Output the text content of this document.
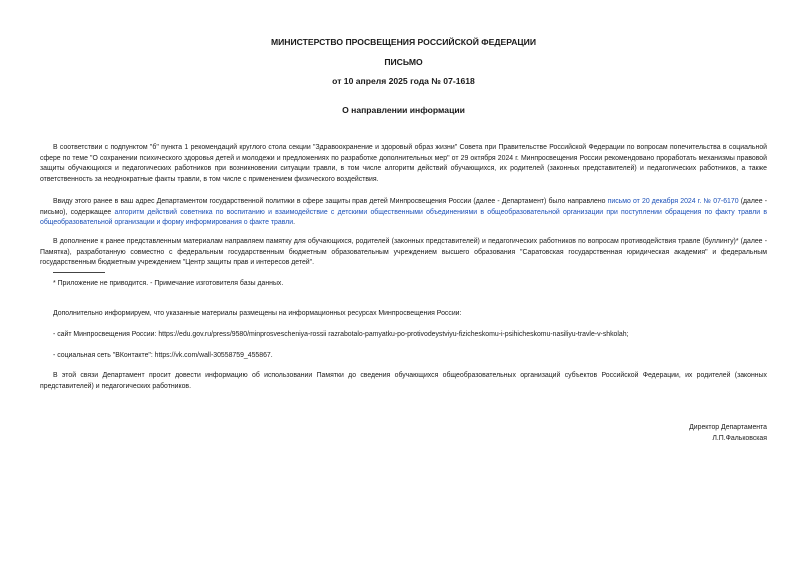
МИНИСТЕРСТВО ПРОСВЕЩЕНИЯ РОССИЙСКОЙ ФЕДЕРАЦИИ
ПИСЬМО
от 10 апреля 2025 года № 07-1618
О направлении информации

В соответствии с подпунктом "б" пункта 1 рекомендаций круглого стола секции "Здравоохранение и здоровый образ жизни" Совета при Правительстве Российской Федерации по вопросам попечительства в социальной сфере по теме "О сохранении психического здоровья детей и молодежи и предложениях по разработке дополнительных мер" от 29 октября 2024 г. Минпросвещения России рекомендовано проработать механизмы правовой защиты обучающихся и педагогических работников при возникновении ситуации травли, в том числе алгоритм действий обучающихся, их родителей (законных представителей) и педагогических работников, а также ответственность за неоднократные факты травли, в том числе с применением физического воздействия.

Ввиду этого ранее в ваш адрес Департаментом государственной политики в сфере защиты прав детей Минпросвещения России (далее - Департамент) было направлено письмо от 20 декабря 2024 г. № 07-6170 (далее - письмо), содержащее алгоритм действий советника по воспитанию и взаимодействие с детскими общественными объединениями в общеобразовательной организации при поступлении обращения по факту травли в общеобразовательной организации и форму информирования о факте травли.

В дополнение к ранее представленным материалам направляем памятку для обучающихся, родителей (законных представителей) и педагогических работников по вопросам противодействия травле (буллингу)* (далее - Памятка), разработанную совместно с федеральным государственным бюджетным образовательным учреждением высшего образования "Саратовская государственная юридическая академия" и федеральным государственным бюджетным учреждением "Центр защиты прав и интересов детей".

* Приложение не приводится. - Примечание изготовителя базы данных.

Дополнительно информируем, что указанные материалы размещены на информационных ресурсах Минпросвещения России:

- сайт Минпросвещения России: https://edu.gov.ru/press/9580/minprosvescheniya-rossii razrabotalo-pamyatku-po-protivodeystviyu-fizicheskomu-i-psihicheskomu-nasiliyu-travle-v-shkolah;

- социальная сеть "ВКонтакте": https://vk.com/wall-30558759_455867.

В этой связи Департамент просит довести информацию об использовании Памятки до сведения обучающихся общеобразовательных организаций субъектов Российской Федерации, их родителей (законных представителей) и педагогических работников.

Директор Департамента
Л.П.Фальковская
